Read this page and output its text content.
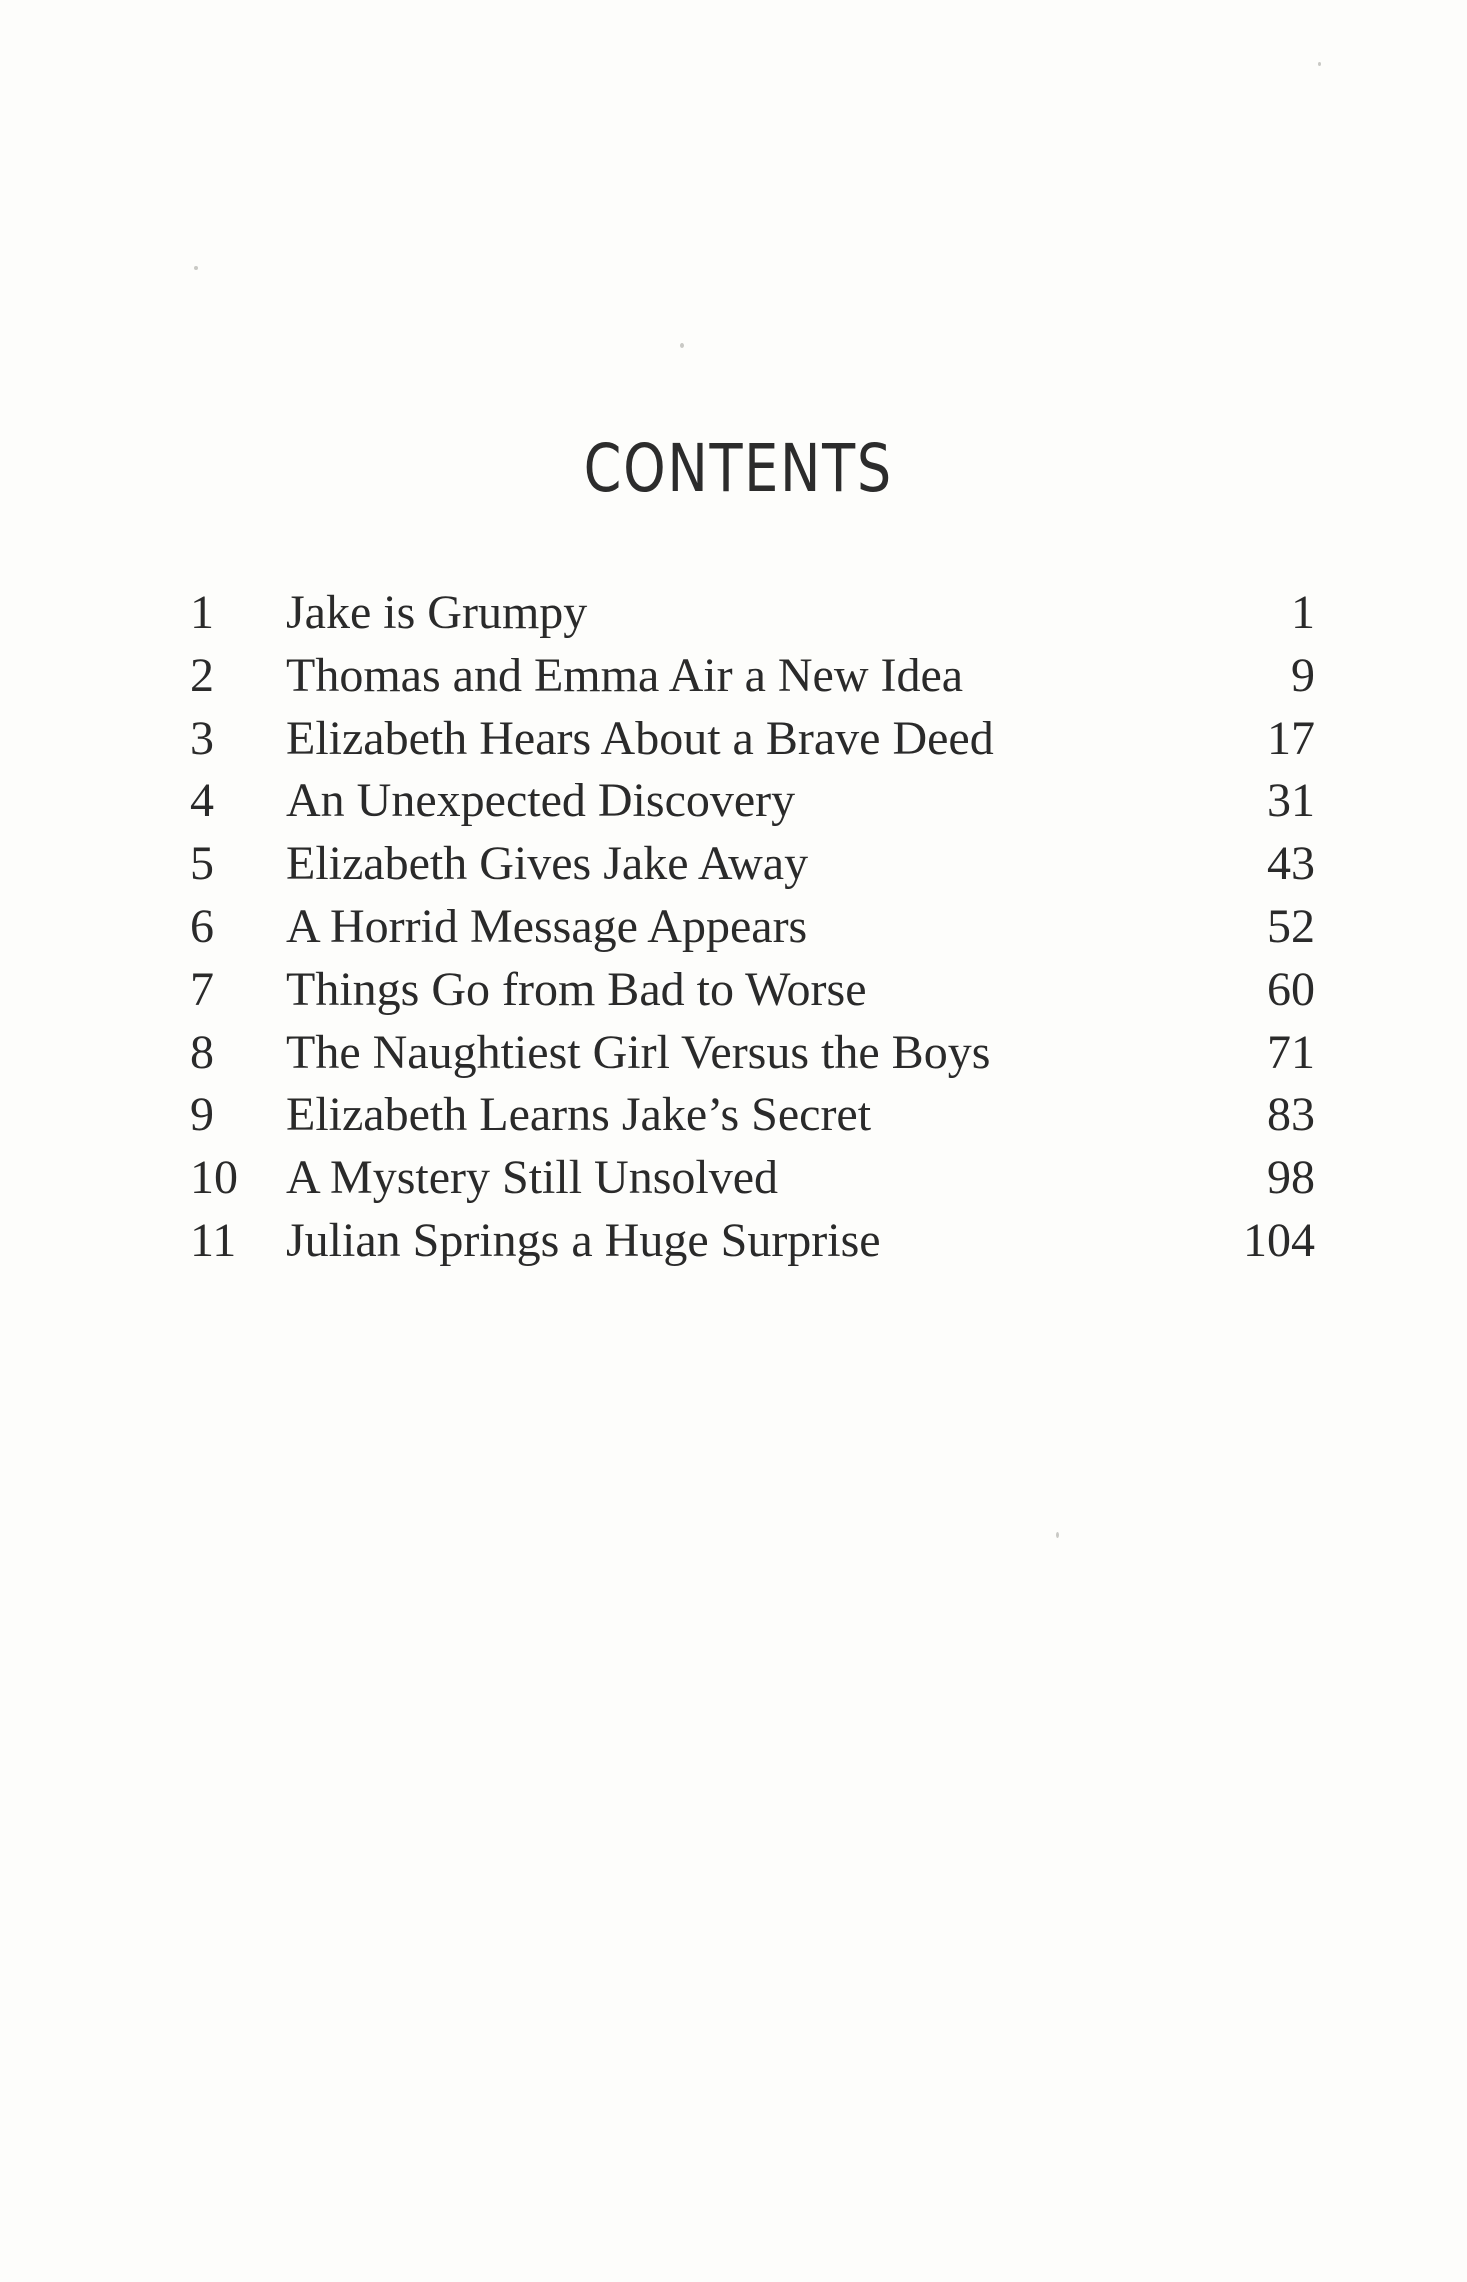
CONTENTS
1 Jake is Grumpy	1
2 Thomas and Emma Air a New Idea	9
3 Elizabeth Hears About a Brave Deed	17
4 An Unexpected Discovery	31
5 Elizabeth Gives Jake Away	43
6 A Horrid Message Appears	52
7 Things Go from Bad to Worse	60
8 The Naughtiest Girl Versus the Boys	71
9 Elizabeth Learns Jake’s Secret	83
10 A Mystery Still Unsolved	98
11 Julian Springs a Huge Surprise	104
